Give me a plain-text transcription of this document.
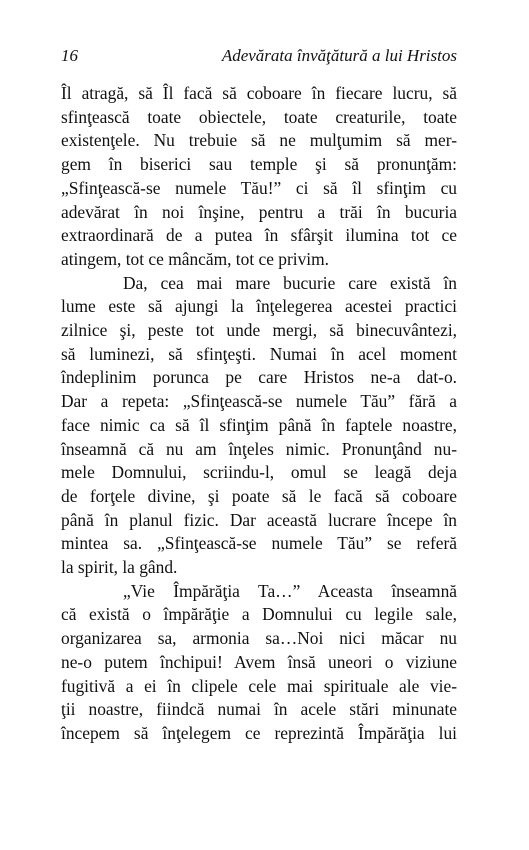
16	Adevărata învăţătură a lui Hristos
Îl atragă, să Îl facă să coboare în fiecare lucru, să
sfinţească toate obiectele, toate creaturile, toate
existenţele. Nu trebuie să ne mulţumim să mer-
gem în biserici sau temple şi să pronunţăm:
„Sfinţească-se numele Tău!” ci să îl sfinţim cu
adevărat în noi înşine, pentru a trăi în bucuria
extraordinară de a putea în sfârşit ilumina tot ce
atingem, tot ce mâncăm, tot ce privim.
Da, cea mai mare bucurie care există în
lume este să ajungi la înţelegerea acestei practici
zilnice şi, peste tot unde mergi, să binecuvântezi,
să luminezi, să sfinţeşti. Numai în acel moment
îndeplinim porunca pe care Hristos ne-a dat-o.
Dar a repeta: „Sfinţească-se numele Tău” fără a
face nimic ca să îl sfinţim până în faptele noastre,
înseamnă că nu am înţeles nimic. Pronunţând nu-
mele Domnului, scriindu-l, omul se leagă deja
de forţele divine, şi poate să le facă să coboare
până în planul fizic. Dar această lucrare începe în
mintea sa. „Sfinţească-se numele Tău” se referă
la spirit, la gând.
„Vie Împărăţia Ta…” Aceasta înseamnă
că există o împărăţie a Domnului cu legile sale,
organizarea sa, armonia sa…Noi nici măcar nu
ne-o putem închipui! Avem însă uneori o viziune
fugitivă a ei în clipele cele mai spirituale ale vie-
ţii noastre, fiindcă numai în acele stări minunate
începem să înţelegem ce reprezintă Împărăţia lui
